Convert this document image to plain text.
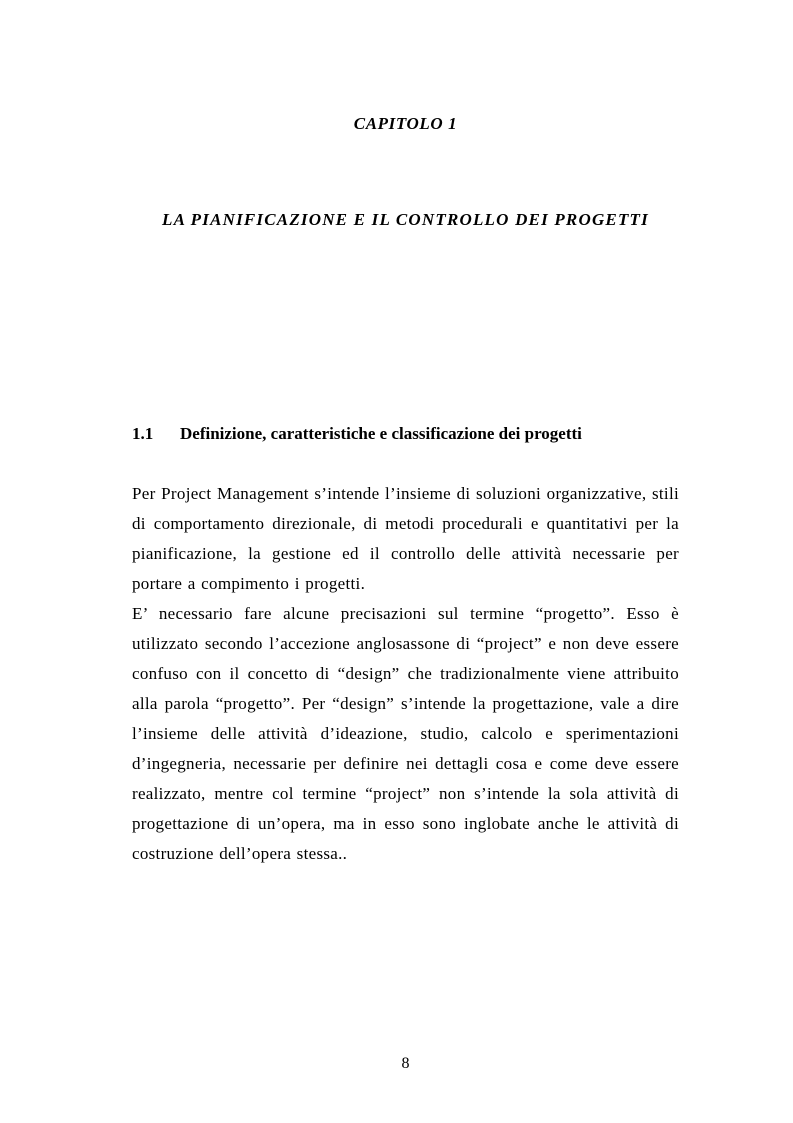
CAPITOLO 1
LA PIANIFICAZIONE E IL CONTROLLO DEI PROGETTI
1.1 Definizione, caratteristiche e classificazione dei progetti

Per Project Management s’intende l’insieme di soluzioni organizzative, stili di comportamento direzionale, di metodi procedurali e quantitativi per la pianificazione, la gestione ed il controllo delle attività necessarie per portare a compimento i progetti.

E’ necessario fare alcune precisazioni sul termine “progetto”. Esso è utilizzato secondo l’accezione anglosassone di “project” e non deve essere confuso con il concetto di “design” che tradizionalmente viene attribuito alla parola “progetto”. Per “design” s’intende la progettazione, vale a dire l’insieme delle attività d’ideazione, studio, calcolo e sperimentazioni d’ingegneria, necessarie per definire nei dettagli cosa e come deve essere realizzato, mentre col termine “project” non s’intende la sola attività di progettazione di un’opera, ma in esso sono inglobate anche le attività di costruzione dell’opera stessa..

8
